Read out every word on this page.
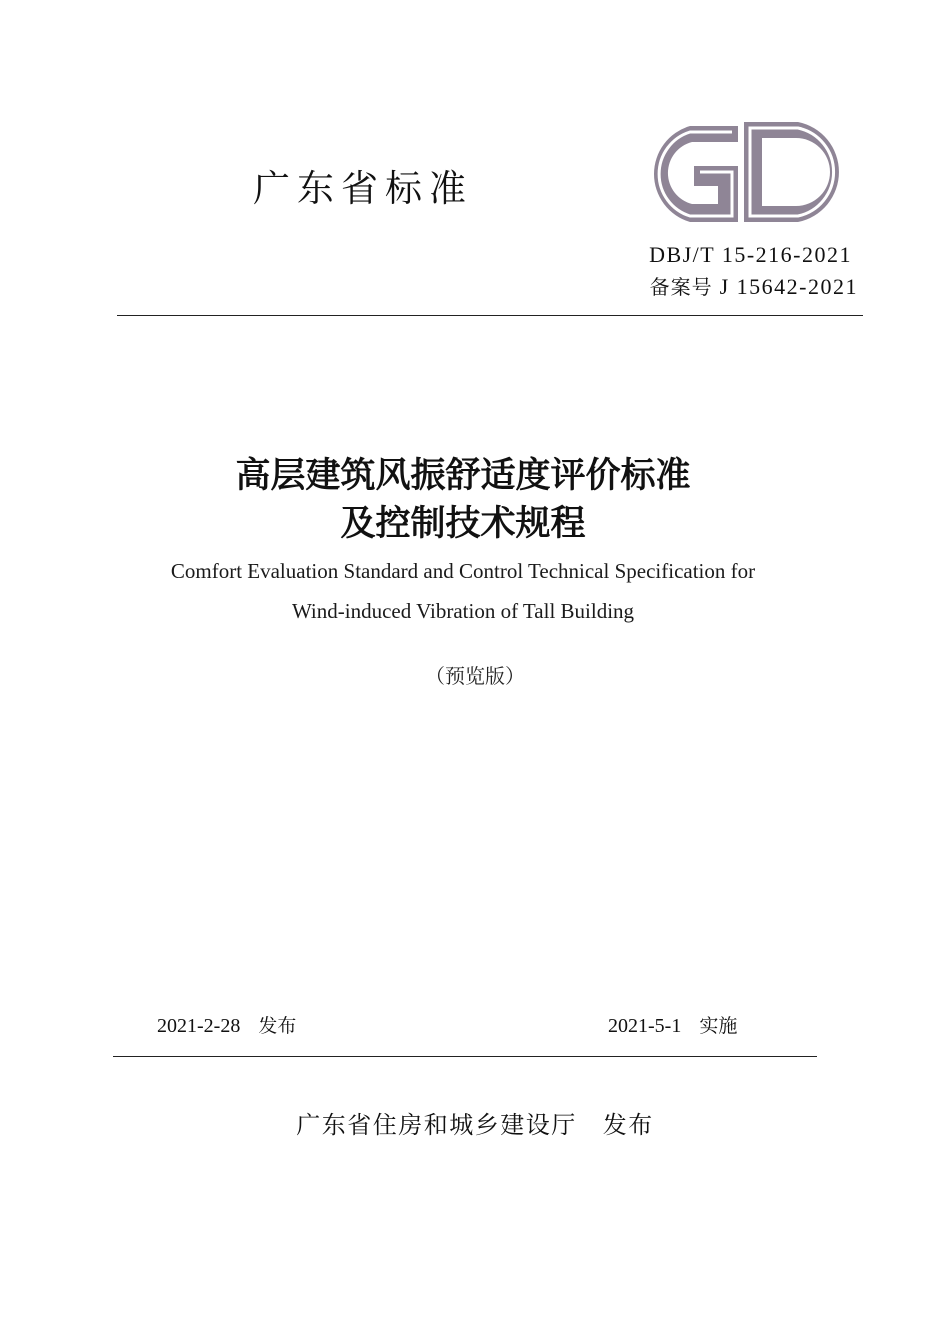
广东省标准
GD
DBJ/T 15-216-2021
备案号 J 15642-2021
高层建筑风振舒适度评价标准
及控制技术规程
Comfort Evaluation Standard and Control Technical Specification for
Wind-induced Vibration of Tall Building
（预览版）
2021-2-28 发布	2021-5-1 实施
广东省住房和城乡建设厅 发布
